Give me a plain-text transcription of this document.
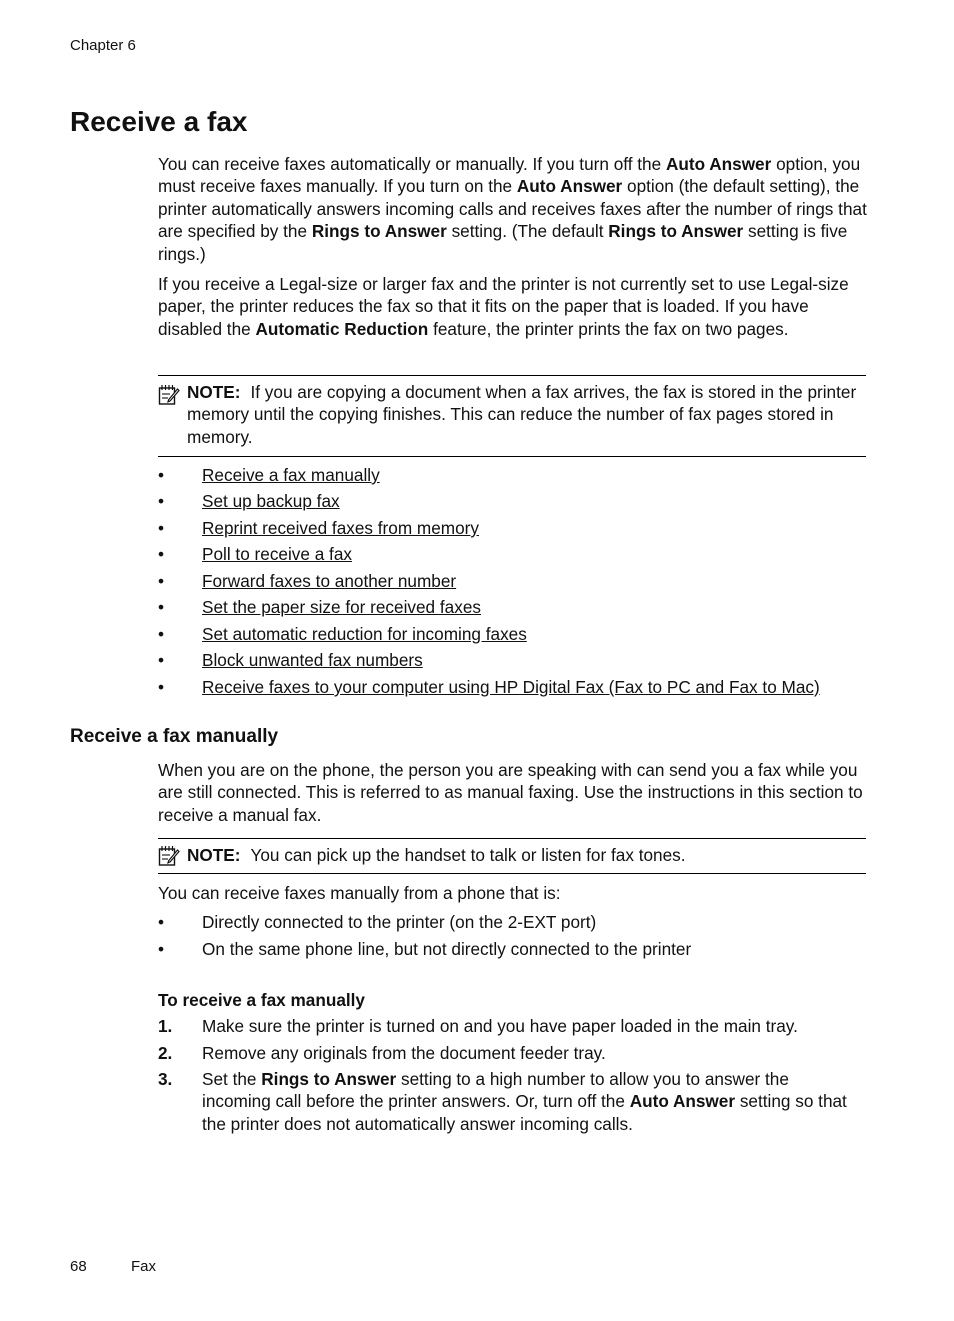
Chapter 6
Receive a fax

You can receive faxes automatically or manually. If you turn off the Auto Answer option, you must receive faxes manually. If you turn on the Auto Answer option (the default setting), the printer automatically answers incoming calls and receives faxes after the number of rings that are specified by the Rings to Answer setting. (The default Rings to Answer setting is five rings.)

If you receive a Legal-size or larger fax and the printer is not currently set to use Legal-size paper, the printer reduces the fax so that it fits on the paper that is loaded. If you have disabled the Automatic Reduction feature, the printer prints the fax on two pages.

NOTE: If you are copying a document when a fax arrives, the fax is stored in the printer memory until the copying finishes. This can reduce the number of fax pages stored in memory.

• Receive a fax manually
• Set up backup fax
• Reprint received faxes from memory
• Poll to receive a fax
• Forward faxes to another number
• Set the paper size for received faxes
• Set automatic reduction for incoming faxes
• Block unwanted fax numbers
• Receive faxes to your computer using HP Digital Fax (Fax to PC and Fax to Mac)
Receive a fax manually

When you are on the phone, the person you are speaking with can send you a fax while you are still connected. This is referred to as manual faxing. Use the instructions in this section to receive a manual fax.

NOTE: You can pick up the handset to talk or listen for fax tones.

You can receive faxes manually from a phone that is:

• Directly connected to the printer (on the 2-EXT port)
• On the same phone line, but not directly connected to the printer
To receive a fax manually
1. Make sure the printer is turned on and you have paper loaded in the main tray.
2. Remove any originals from the document feeder tray.
3. Set the Rings to Answer setting to a high number to allow you to answer the incoming call before the printer answers. Or, turn off the Auto Answer setting so that the printer does not automatically answer incoming calls.
68	Fax
